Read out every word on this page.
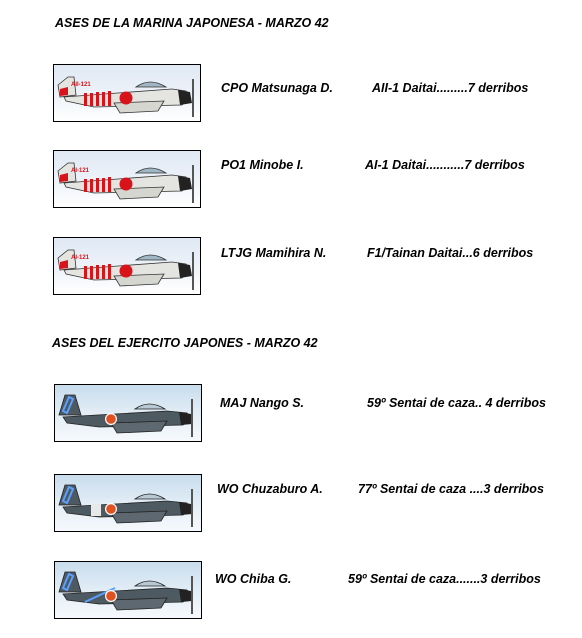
ASES DE LA MARINA JAPONESA - MARZO 42
AII-121	CPO Matsunaga D.	AII-1 Daitai.........7 derribos
AI-121	PO1 Minobe I.	AI-1 Daitai...........7 derribos
AI-121	LTJG Mamihira N.	F1/Tainan Daitai...6 derribos
ASES DEL EJERCITO JAPONES - MARZO 42
MAJ Nango S.	59º Sentai de caza.. 4 derribos
WO Chuzaburo A.	77º Sentai de caza ....3 derribos
WO Chiba G.	59º Sentai de caza.......3 derribos
